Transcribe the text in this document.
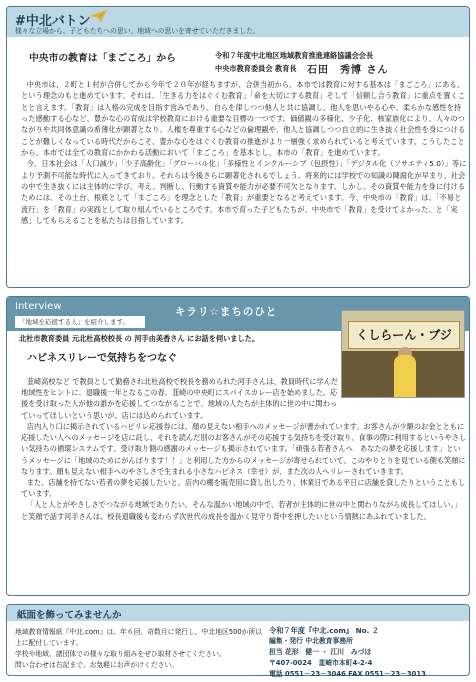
#中北バトン
様々な立場から、子どもたちへの思い、地域への思いを寄せていただきました。
中央市の教育は「まごころ」から	令和７年度中北地区地域教育推進連絡協議会会長
中央市教育委員会 教育長 石田　秀博 さん

中央市は、２町と１村が合併してから今年で２０年が経ちますが、合併当初から、本市では教育に対する基本は「まごころ」にある、という理念のもと進めています。それは、「生きる力をはぐくむ教育」「命を大切にする教育」そして「信頼し合う教育」に重点を置くことと言えます。「教育」は人格の完成を目指す営みであり、自らを律しつつ他人と共に協調し、他人を思いやる心や、柔らかな感性を持った感動する心など、豊かな心の育成は学校教育における重要な目標の一つです。価値観の多様化、少子化、核家族化により、人々のつながりや共同体意識の希薄化が顕著となり、人権を尊重する心などの倫理観や、他人と協調しつつ自立的に生き抜く社会性を身につけることが難しくなっている時代だからこそ、豊かな心をはぐくむ教育の推進がより一層強く求められていると考えています。こうしたことから、本市では全ての教育にかかわる活動において「まごころ」を基本とし、本市の「教育」を進めています。

今、日本社会は「人口減少」「少子高齢化」「グローバル化」「多様性とインクルーシブ（包摂性）」「デジタル化（ソサエティ5.0）」等により予測不可能な時代に入ってきており、それらは今後さらに顕著化されるでしょう。将来的には学校での知識の陳腐化が早まり、社会の中で生き抜くには主体的に学び、考え、判断し、行動する資質や能力が必要不可欠となります。しかし、その資質や能力を身に付けるためには、その土台、根底として「まごころ」を理念とした「教育」が重要となると考えています。今、中央市の「教育」は、「不易と流行」を「教育」の実践として取り組んでいるところです。本市で育った子どもたちが、中央市で「教育」を受けてよかった、と「実感」してもらえることを私たちは目指しています。

Interview
「地域を応援する人」を紹介します。
キラリ☆まちのひと
くしらーん・ブジ
北杜市教育委員 元北杜高校校長 の 河手由美香さん にお話を伺いました。
ハピネスリレーで気持ちをつなぐ

韮崎高校など で教員として勤務され北杜高校で校長を務められた河手さんは、教員時代に学んだ地域性をヒントに、退職後一年となるこの春、韮崎の中央町にスパイスカレー店を始めました。応援を受け取った人が他の誰かを応援してつながることで、地域の人たちが主体的に世の中に関わっていってほしいという思いが、店には込められています。

店内入り口に掲示されているハピリレ応援券には、顔の見えない相手へのメッセージが書かれています。お客さんが少額のお金とともに応援したい人へのメッセージを店に託し、それを読んだ別のお客さんがその応援する気持ちを受け取り、食事の際に利用するというやさしい気持ちの循環システムです。受け取り側の感謝のメッセージも掲示されています。「頑張る若者さんへ　あなたの夢を応援します」というメッセージに「地域のためにがんばります！！」と利用した方からのメッセージが寄せられていて、このやりとりを見ている側も笑顔になります。顔も見えない相手へのやさしさで生まれる小さなハピネス（幸せ）が、また次の人へリレーされていきます。

また、店舗を持てない若者の夢を応援したいと、店内の棚を販売用に貸し出したり、休業日である平日に店舗を貸したりということもしています。

「人と人とがやさしさでつながる地域でありたい。そんな温かい地域の中で、若者が主体的に世の中と関わりながら成長してほしい。」と笑顔で話す河手さんは、校長退職後も変わらず次世代の成長を温かく見守り背中を押したいという情熱にあふれていました。

紙面を飾ってみませんか
地域教育情報紙『中北.com』は、年６回、奇数月に発行し、中北地区500か所以上に配付しています。
学校や地域、諸団体での様々な取り組みをぜひ取材させてください。
問い合わせは右記まで、お気軽にお声がけください。
令和７年度『中北.com』 No. ２
編集・発行 中北教育事務所
担当 花形　健一 ・ 江川　みづほ
〒407-0024　韮崎市本町4-2-4
電話 0551－23－3046 FAX 0551－23－3013
